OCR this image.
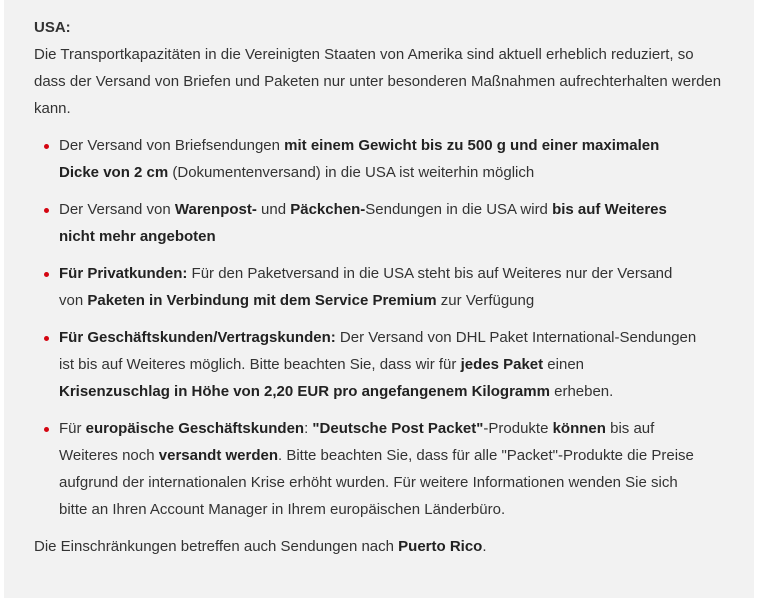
USA:

Die Transportkapazitäten in die Vereinigten Staaten von Amerika sind aktuell erheblich reduziert, so dass der Versand von Briefen und Paketen nur unter besonderen Maßnahmen aufrechterhalten werden kann.

Der Versand von Briefsendungen mit einem Gewicht bis zu 500 g und einer maximalen Dicke von 2 cm (Dokumentenversand) in die USA ist weiterhin möglich
Der Versand von Warenpost- und Päckchen-Sendungen in die USA wird bis auf Weiteres nicht mehr angeboten
Für Privatkunden: Für den Paketversand in die USA steht bis auf Weiteres nur der Versand von Paketen in Verbindung mit dem Service Premium zur Verfügung
Für Geschäftskunden/Vertragskunden: Der Versand von DHL Paket International-Sendungen ist bis auf Weiteres möglich. Bitte beachten Sie, dass wir für jedes Paket einen Krisenzuschlag in Höhe von 2,20 EUR pro angefangenem Kilogramm erheben.
Für europäische Geschäftskunden: "Deutsche Post Packet"-Produkte können bis auf Weiteres noch versandt werden. Bitte beachten Sie, dass für alle "Packet"-Produkte die Preise aufgrund der internationalen Krise erhöht wurden. Für weitere Informationen wenden Sie sich bitte an Ihren Account Manager in Ihrem europäischen Länderbüro.

Die Einschränkungen betreffen auch Sendungen nach Puerto Rico.
